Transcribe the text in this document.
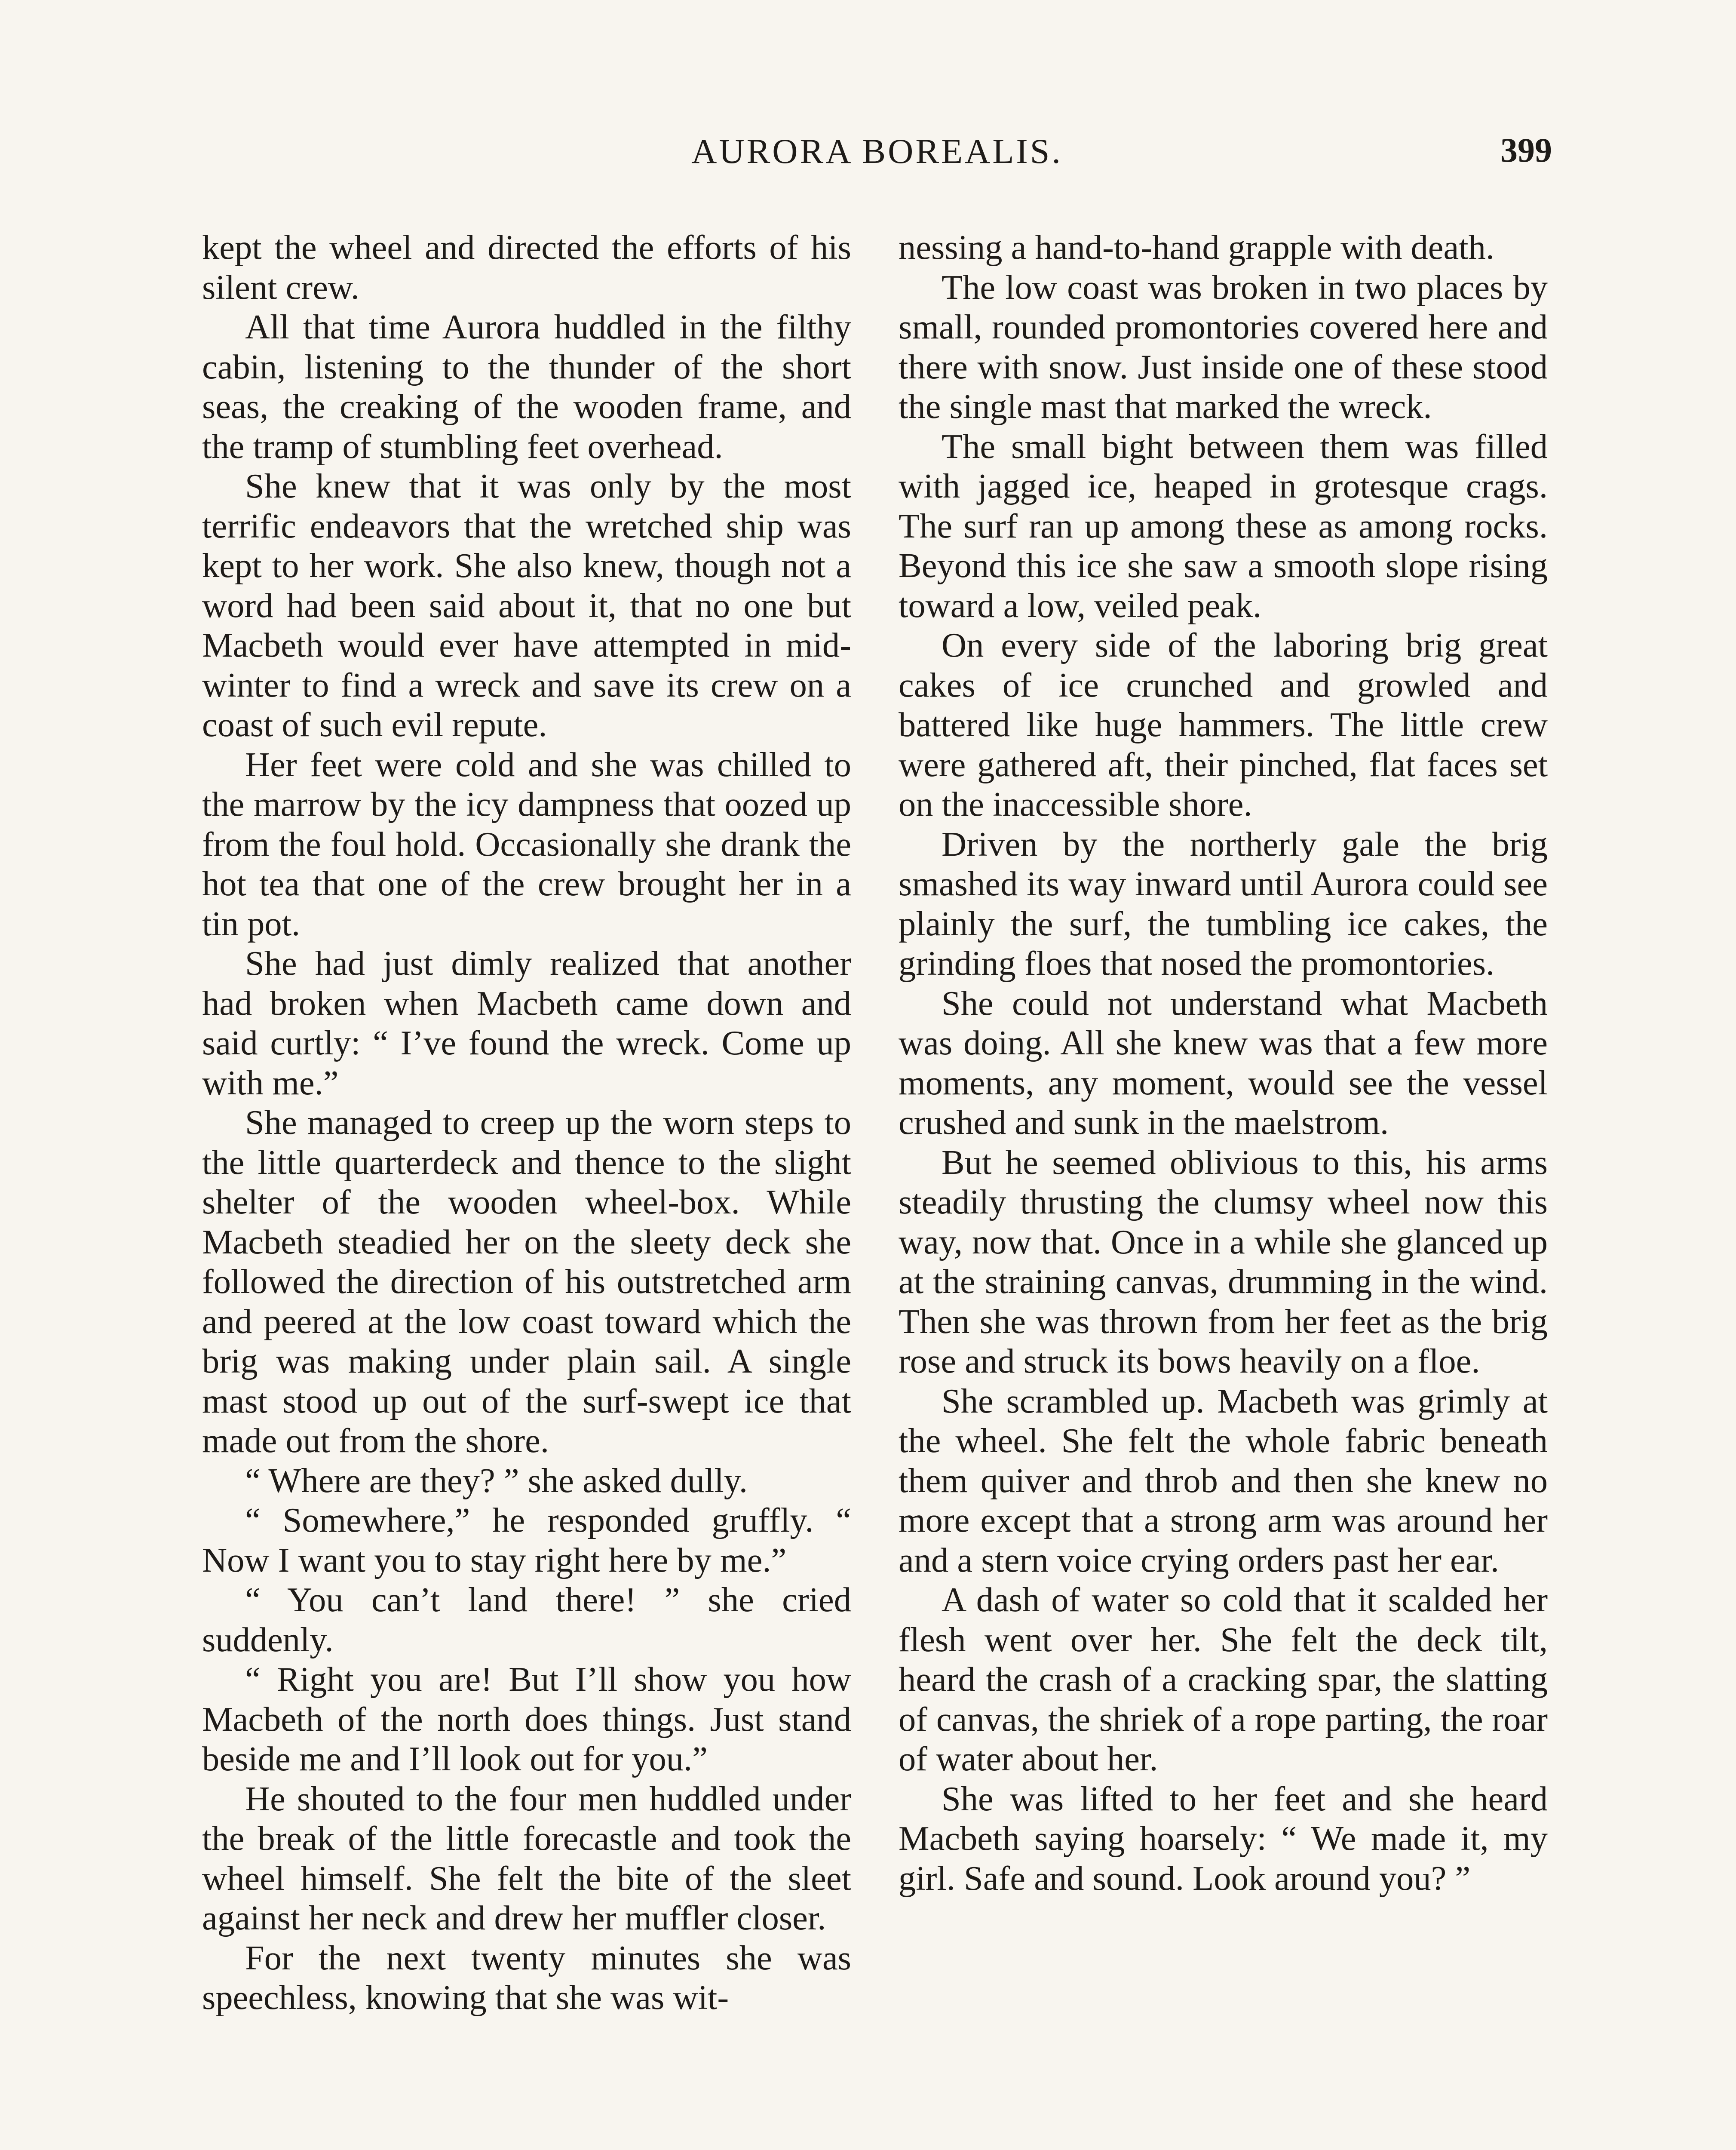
AURORA BOREALIS.	399

kept the wheel and directed the efforts of his silent crew.

All that time Aurora huddled in the filthy cabin, listening to the thunder of the short seas, the creaking of the wooden frame, and the tramp of stumbling feet overhead.

She knew that it was only by the most terrific endeavors that the wretched ship was kept to her work. She also knew, though not a word had been said about it, that no one but Macbeth would ever have attempted in mid-winter to find a wreck and save its crew on a coast of such evil repute.

Her feet were cold and she was chilled to the marrow by the icy dampness that oozed up from the foul hold. Occasionally she drank the hot tea that one of the crew brought her in a tin pot.

She had just dimly realized that another had broken when Macbeth came down and said curtly: “ I’ve found the wreck. Come up with me.”

She managed to creep up the worn steps to the little quarterdeck and thence to the slight shelter of the wooden wheel-box. While Macbeth steadied her on the sleety deck she followed the direction of his outstretched arm and peered at the low coast toward which the brig was making under plain sail. A single mast stood up out of the surf-swept ice that made out from the shore.

“ Where are they? ” she asked dully.

“ Somewhere,” he responded gruffly. “ Now I want you to stay right here by me.”

“ You can’t land there! ” she cried suddenly.

“ Right you are! But I’ll show you how Macbeth of the north does things. Just stand beside me and I’ll look out for you.”

He shouted to the four men huddled under the break of the little forecastle and took the wheel himself. She felt the bite of the sleet against her neck and drew her muffler closer.

For the next twenty minutes she was speechless, knowing that she was wit-

nessing a hand-to-hand grapple with death.

The low coast was broken in two places by small, rounded promontories covered here and there with snow. Just inside one of these stood the single mast that marked the wreck.

The small bight between them was filled with jagged ice, heaped in grotesque crags. The surf ran up among these as among rocks. Beyond this ice she saw a smooth slope rising toward a low, veiled peak.

On every side of the laboring brig great cakes of ice crunched and growled and battered like huge hammers. The little crew were gathered aft, their pinched, flat faces set on the inaccessible shore.

Driven by the northerly gale the brig smashed its way inward until Aurora could see plainly the surf, the tumbling ice cakes, the grinding floes that nosed the promontories.

She could not understand what Macbeth was doing. All she knew was that a few more moments, any moment, would see the vessel crushed and sunk in the maelstrom.

But he seemed oblivious to this, his arms steadily thrusting the clumsy wheel now this way, now that. Once in a while she glanced up at the straining canvas, drumming in the wind. Then she was thrown from her feet as the brig rose and struck its bows heavily on a floe.

She scrambled up. Macbeth was grimly at the wheel. She felt the whole fabric beneath them quiver and throb and then she knew no more except that a strong arm was around her and a stern voice crying orders past her ear.

A dash of water so cold that it scalded her flesh went over her. She felt the deck tilt, heard the crash of a cracking spar, the slatting of canvas, the shriek of a rope parting, the roar of water about her.

She was lifted to her feet and she heard Macbeth saying hoarsely: “ We made it, my girl. Safe and sound. Look around you? ”
